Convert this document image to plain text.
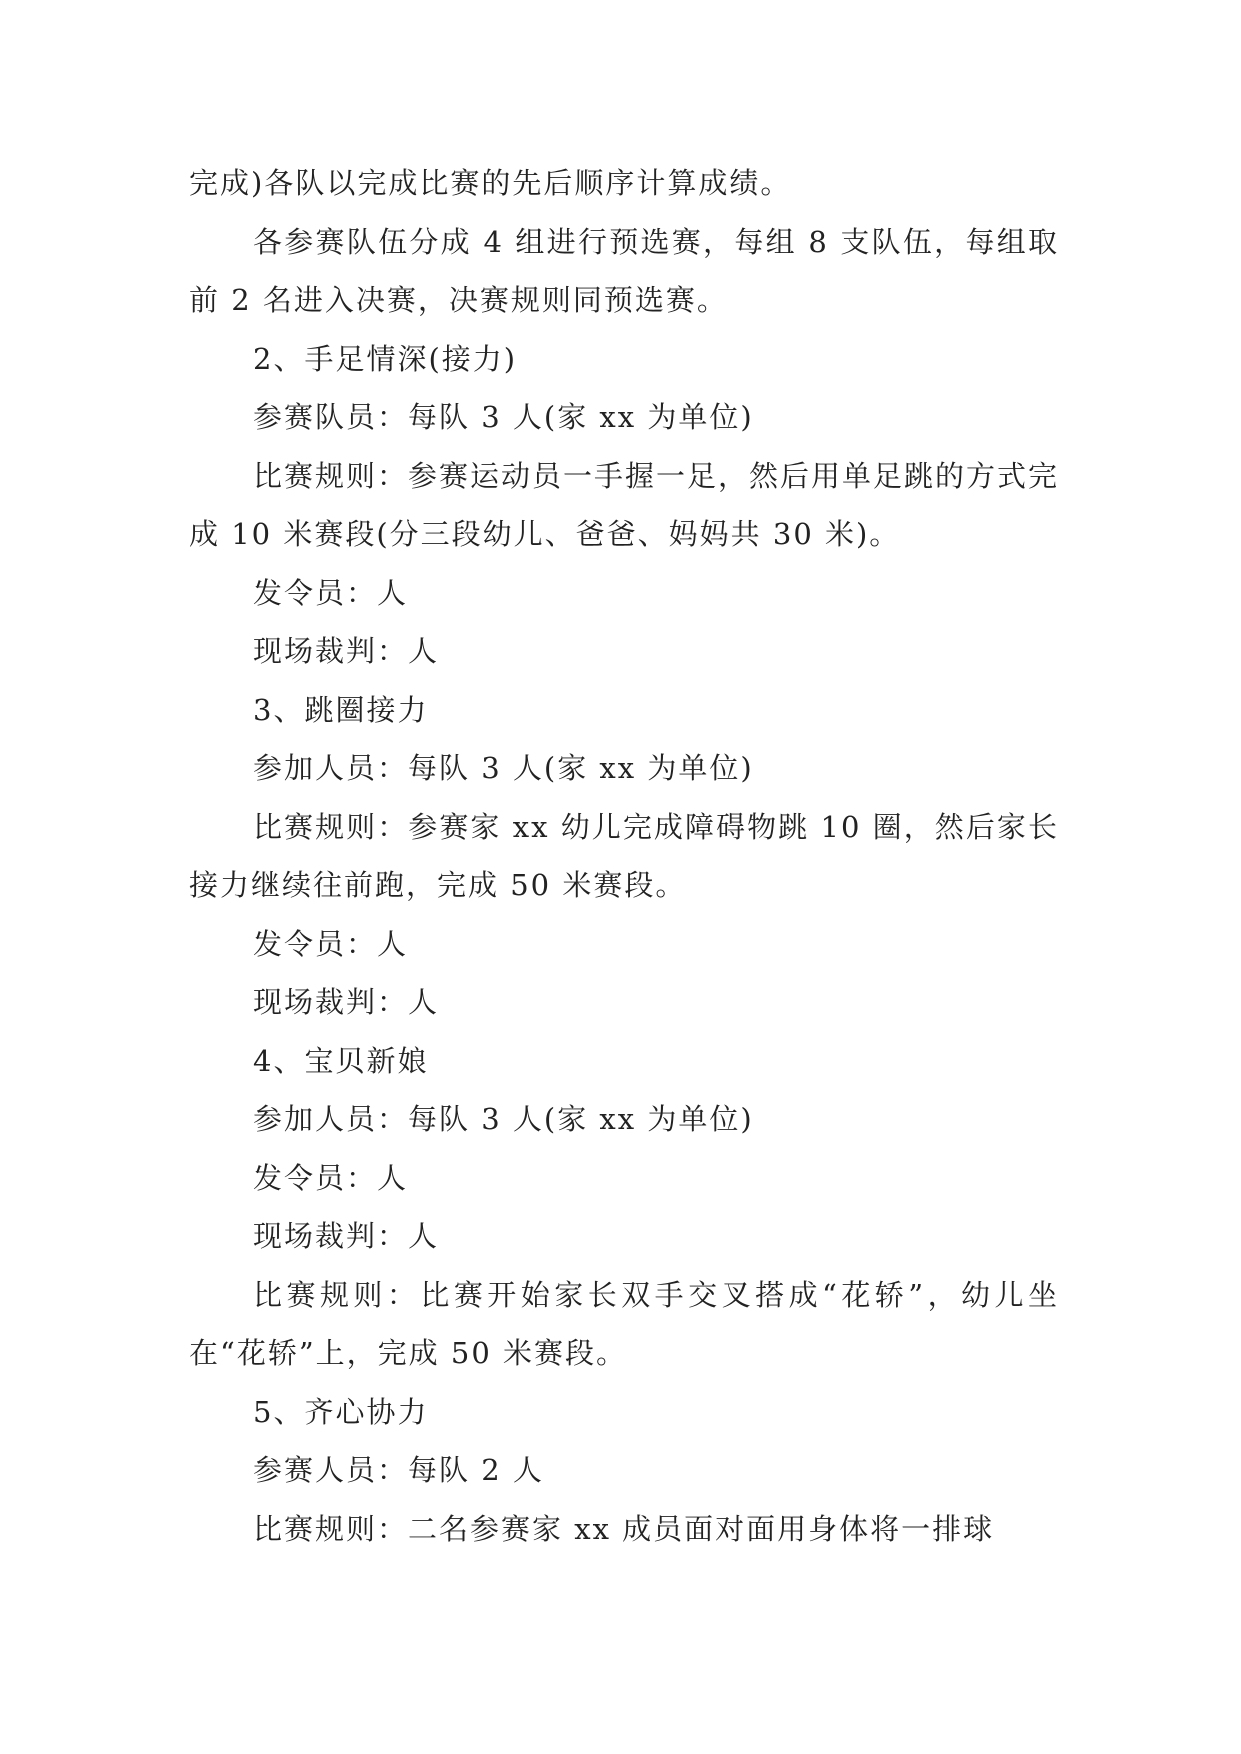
完成)各队以完成比赛的先后顺序计算成绩。

各参赛队伍分成 4 组进行预选赛，每组 8 支队伍，每组取前 2 名进入决赛，决赛规则同预选赛。

2、手足情深(接力)

参赛队员：每队 3 人(家 xx 为单位)

比赛规则：参赛运动员一手握一足，然后用单足跳的方式完成 10 米赛段(分三段幼儿、爸爸、妈妈共 30 米)。

发令员：人

现场裁判：人

3、跳圈接力

参加人员：每队 3 人(家 xx 为单位)

比赛规则：参赛家 xx 幼儿完成障碍物跳 10 圈，然后家长接力继续往前跑，完成 50 米赛段。

发令员：人

现场裁判：人

4、宝贝新娘

参加人员：每队 3 人(家 xx 为单位)

发令员：人

现场裁判：人

比赛规则：比赛开始家长双手交叉搭成“花轿”，幼儿坐在“花轿”上，完成 50 米赛段。

5、齐心协力

参赛人员：每队 2 人

比赛规则：二名参赛家 xx 成员面对面用身体将一排球
